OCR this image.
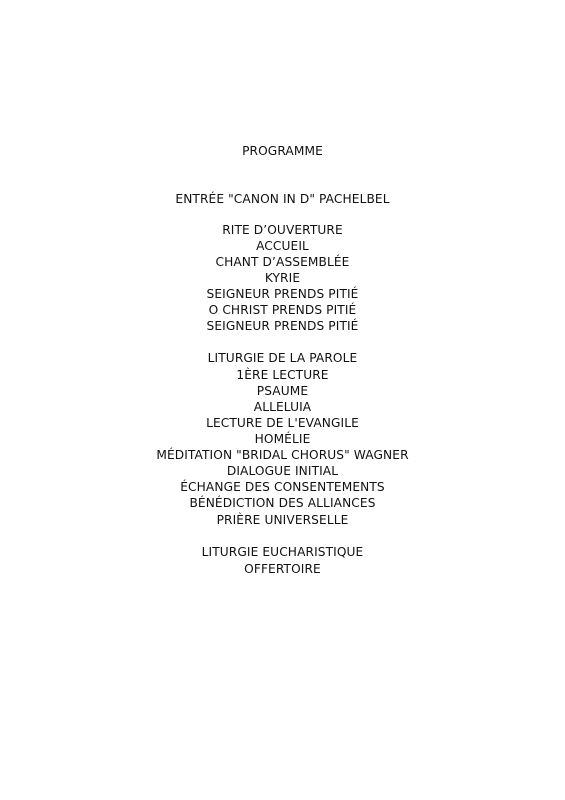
PROGRAMME
ENTRÉE "CANON IN D" PACHELBEL
RITE D’OUVERTURE
ACCUEIL
CHANT D’ASSEMBLÉE
KYRIE
SEIGNEUR PRENDS PITIÉ
O CHRIST PRENDS PITIÉ
SEIGNEUR PRENDS PITIÉ
LITURGIE DE LA PAROLE
1ÈRE LECTURE
PSAUME
ALLELUIA
LECTURE DE L'EVANGILE
HOMÉLIE
MÉDITATION "BRIDAL CHORUS" WAGNER
DIALOGUE INITIAL
ÉCHANGE DES CONSENTEMENTS
BÉNÉDICTION DES ALLIANCES
PRIÈRE UNIVERSELLE
LITURGIE EUCHARISTIQUE
OFFERTOIRE
